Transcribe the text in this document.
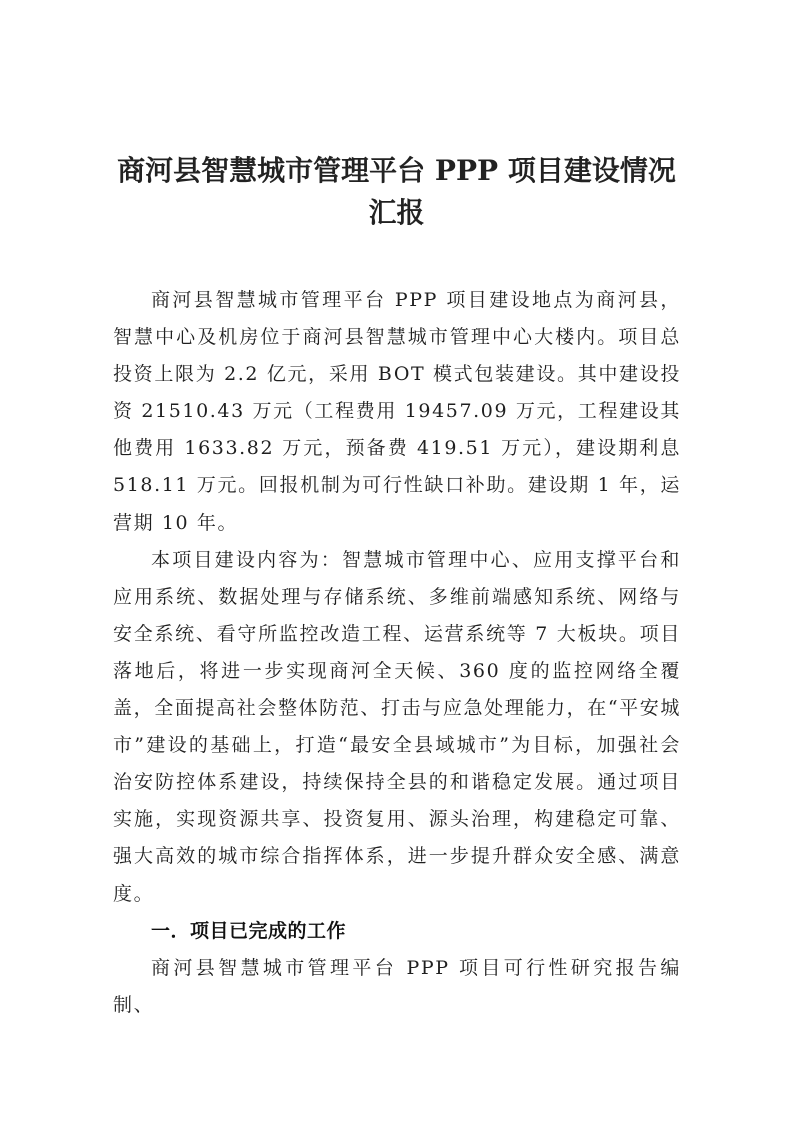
商河县智慧城市管理平台 PPP 项目建设情况
汇报

商河县智慧城市管理平台 PPP 项目建设地点为商河县，智慧中心及机房位于商河县智慧城市管理中心大楼内。项目总投资上限为 2.2 亿元，采用 BOT 模式包装建设。其中建设投资 21510.43 万元（工程费用 19457.09 万元，工程建设其他费用 1633.82 万元，预备费 419.51 万元），建设期利息 518.11 万元。回报机制为可行性缺口补助。建设期 1 年，运营期 10 年。

本项目建设内容为：智慧城市管理中心、应用支撑平台和应用系统、数据处理与存储系统、多维前端感知系统、网络与安全系统、看守所监控改造工程、运营系统等 7 大板块。项目落地后，将进一步实现商河全天候、360 度的监控网络全覆盖，全面提高社会整体防范、打击与应急处理能力，在“平安城市”建设的基础上，打造“最安全县域城市”为目标，加强社会治安防控体系建设，持续保持全县的和谐稳定发展。通过项目实施，实现资源共享、投资复用、源头治理，构建稳定可靠、强大高效的城市综合指挥体系，进一步提升群众安全感、满意度。

一．项目已完成的工作

商河县智慧城市管理平台 PPP 项目可行性研究报告编制、
